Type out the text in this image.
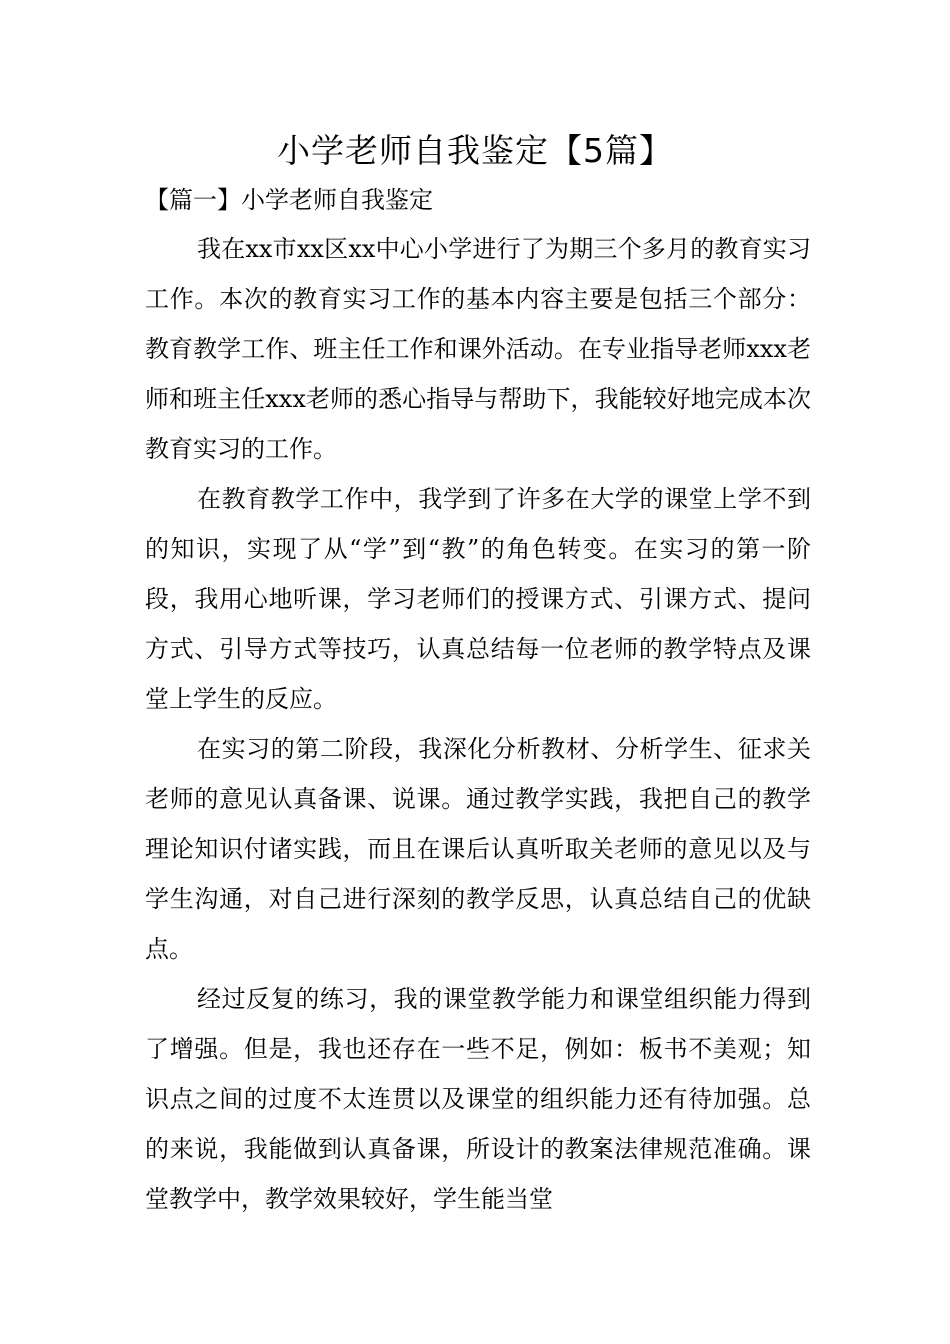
小学老师自我鉴定【5篇】
【篇一】小学老师自我鉴定

我在xx市xx区xx中心小学进行了为期三个多月的教育实习工作。本次的教育实习工作的基本内容主要是包括三个部分：教育教学工作、班主任工作和课外活动。在专业指导老师xxx老师和班主任xxx老师的悉心指导与帮助下，我能较好地完成本次教育实习的工作。

在教育教学工作中，我学到了许多在大学的课堂上学不到的知识，实现了从“学”到“教”的角色转变。在实习的第一阶段，我用心地听课，学习老师们的授课方式、引课方式、提问方式、引导方式等技巧，认真总结每一位老师的教学特点及课堂上学生的反应。

在实习的第二阶段，我深化分析教材、分析学生、征求关老师的意见认真备课、说课。通过教学实践，我把自己的教学理论知识付诸实践，而且在课后认真听取关老师的意见以及与学生沟通，对自己进行深刻的教学反思，认真总结自己的优缺点。

经过反复的练习，我的课堂教学能力和课堂组织能力得到了增强。但是，我也还存在一些不足，例如：板书不美观；知识点之间的过度不太连贯以及课堂的组织能力还有待加强。总的来说，我能做到认真备课，所设计的教案法律规范准确。课堂教学中，教学效果较好，学生能当堂
